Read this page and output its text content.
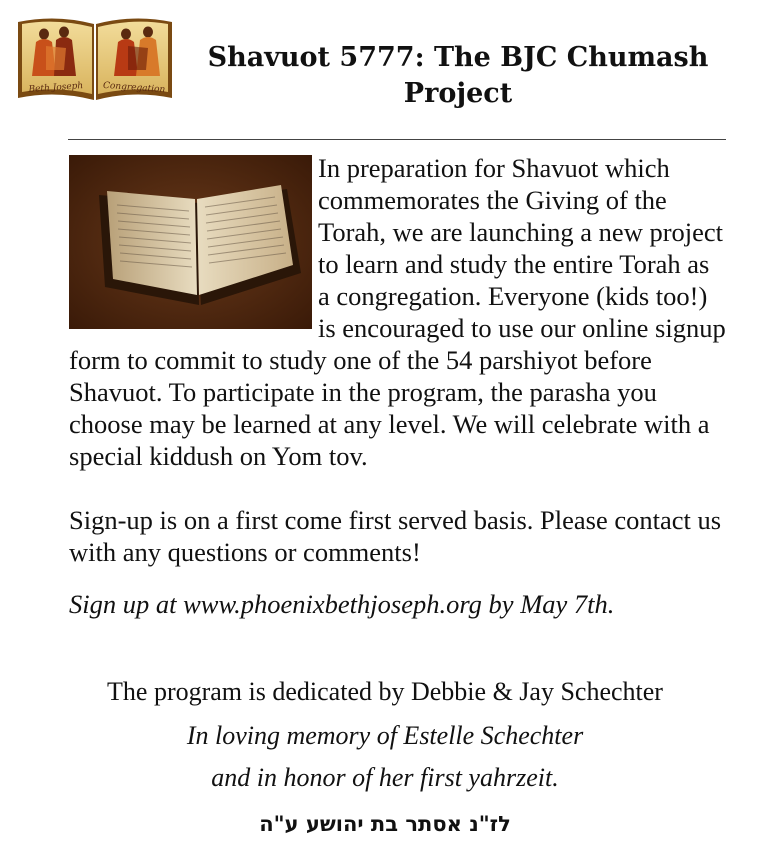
Beth Joseph Congregation
Shavuot 5777: The BJC Chumash Project

In preparation for Shavuot which commemorates the Giving of the Torah, we are launching a new project to learn and study the entire Torah as a congregation. Everyone (kids too!) is encouraged to use our online signup form to commit to study one of the 54 parshiyot before Shavuot. To participate in the program, the parasha you choose may be learned at any level. We will celebrate with a special kiddush on Yom tov.

Sign-up is on a first come first served basis. Please contact us with any questions or comments!

Sign up at www.phoenixbethjoseph.org by May 7th.

The program is dedicated by Debbie & Jay Schechter

In loving memory of Estelle Schechter

and in honor of her first yahrzeit.

לז"נ אסתר בת יהושע ע"ה
